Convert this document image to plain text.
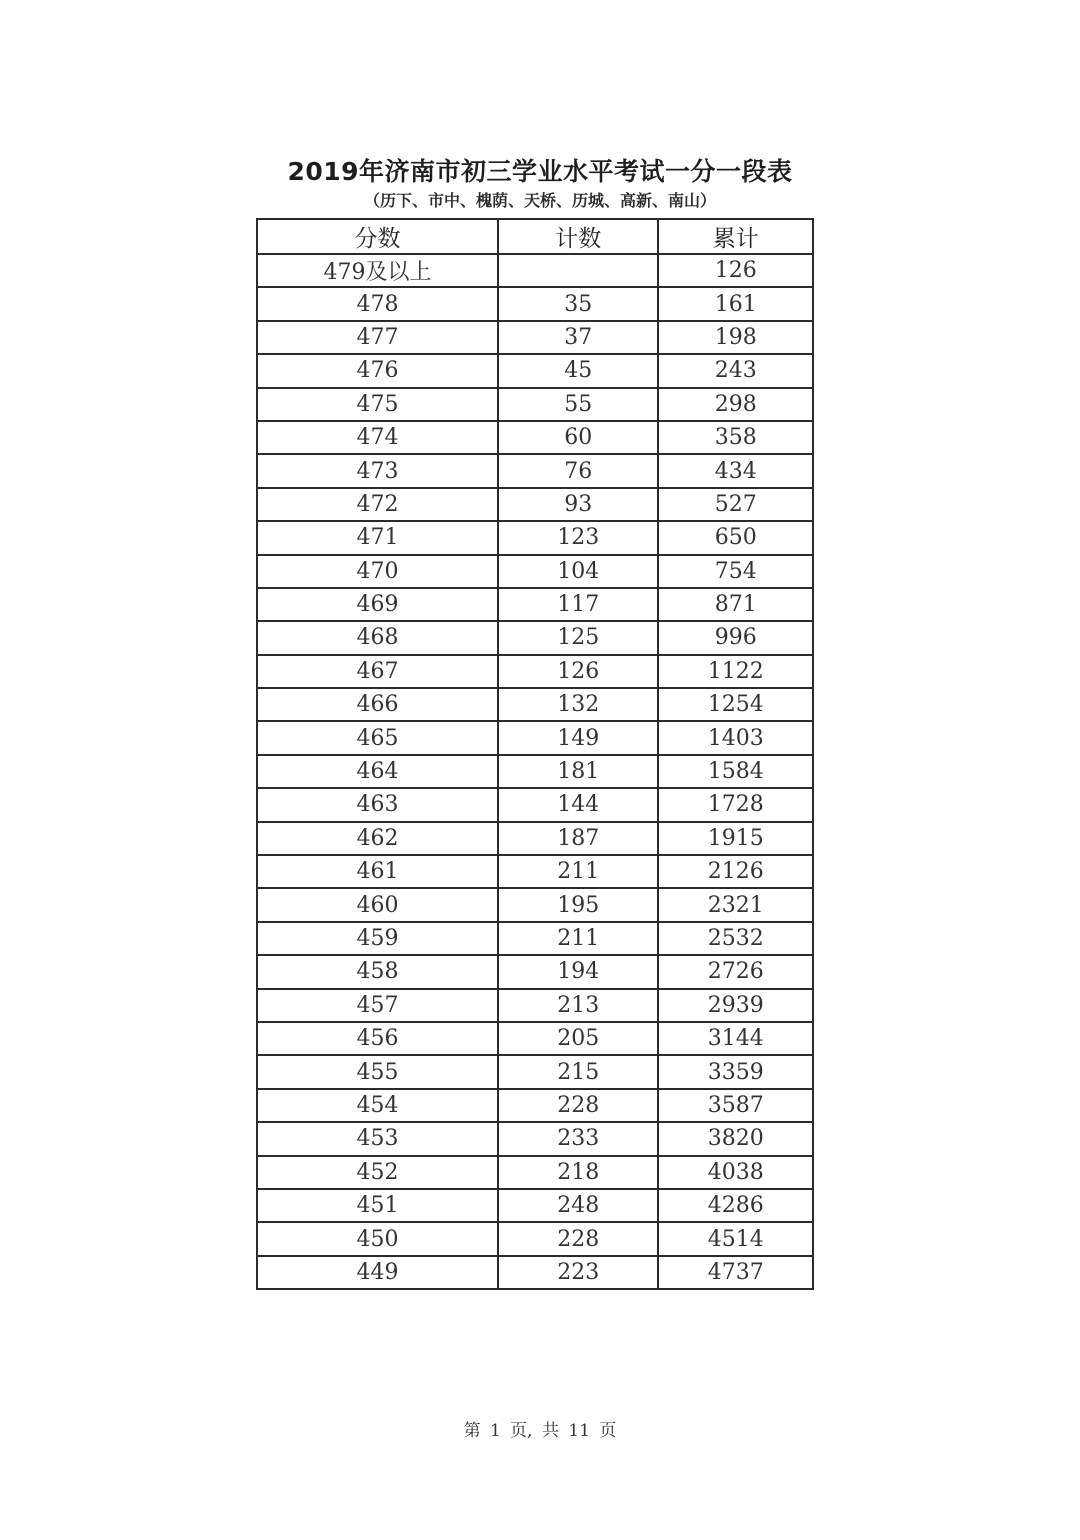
2019年济南市初三学业水平考试一分一段表
（历下、市中、槐荫、天桥、历城、高新、南山）
分数	计数	累计
479及以上		126
478	35	161
477	37	198
476	45	243
475	55	298
474	60	358
473	76	434
472	93	527
471	123	650
470	104	754
469	117	871
468	125	996
467	126	1122
466	132	1254
465	149	1403
464	181	1584
463	144	1728
462	187	1915
461	211	2126
460	195	2321
459	211	2532
458	194	2726
457	213	2939
456	205	3144
455	215	3359
454	228	3587
453	233	3820
452	218	4038
451	248	4286
450	228	4514
449	223	4737
第 1 页, 共 11 页
